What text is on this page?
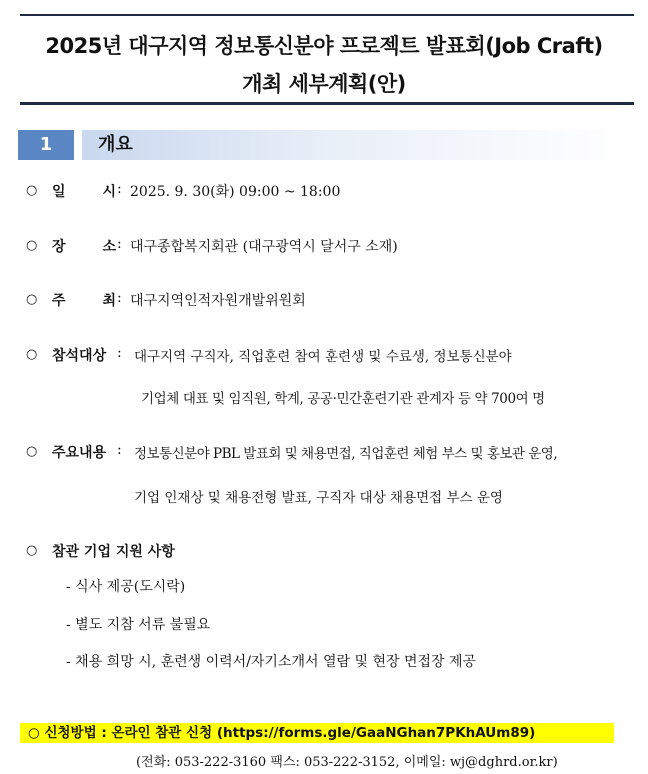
2025년 대구지역 정보통신분야 프로젝트 발표회(Job Craft)
개최 세부계획(안)
1	개요
○ 일	시 : 2025. 9. 30(화) 09:00 ~ 18:00
○ 장	소 : 대구종합복지회관 (대구광역시 달서구 소재)
○ 주	최 : 대구지역인적자원개발위원회
○ 참석대상 : 대구지역 구직자, 직업훈련 참여 훈련생 및 수료생, 정보통신분야
기업체 대표 및 임직원, 학계, 공공·민간훈련기관 관계자 등 약 700여 명
○ 주요내용 : 정보통신분야 PBL 발표회 및 채용면접, 직업훈련 체험 부스 및 홍보관 운영,
기업 인재상 및 채용전형 발표, 구직자 대상 채용면접 부스 운영
○ 참관 기업 지원 사항
- 식사 제공(도시락)
- 별도 지참 서류 불필요
- 채용 희망 시, 훈련생 이력서/자기소개서 열람 및 현장 면접장 제공
○ 신청방법 : 온라인 참관 신청 (https://forms.gle/GaaNGhan7PKhAUm89)
(전화: 053-222-3160 팩스: 053-222-3152, 이메일: wj@dghrd.or.kr)
